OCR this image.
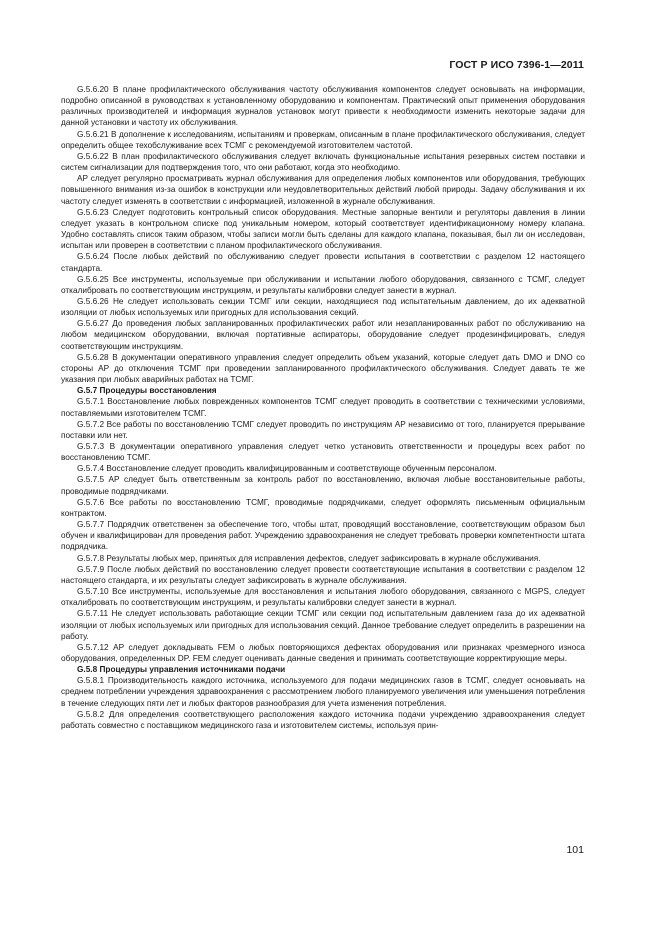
ГОСТ Р ИСО 7396-1—2011

G.5.6.20 В плане профилактического обслуживания частоту обслуживания компонентов следует основывать на информации, подробно описанной в руководствах к установленному оборудованию и компонентам. Практический опыт применения оборудования различных производителей и информация журналов установок могут привести к необходимости изменить некоторые задачи для данной установки и частоту их обслуживания.

G.5.6.21 В дополнение к исследованиям, испытаниям и проверкам, описанным в плане профилактического обслуживания, следует определить общее техобслуживание всех ТСМГ с рекомендуемой изготовителем частотой.

G.5.6.22 В план профилактического обслуживания следует включать функциональные испытания резервных систем поставки и систем сигнализации для подтверждения того, что они работают, когда это необходимо.

АР следует регулярно просматривать журнал обслуживания для определения любых компонентов или оборудования, требующих повышенного внимания из-за ошибок в конструкции или неудовлетворительных действий любой природы. Задачу обслуживания и их частоту следует изменять в соответствии с информацией, изложенной в журнале обслуживания.

G.5.6.23 Следует подготовить контрольный список оборудования. Местные запорные вентили и регуляторы давления в линии следует указать в контрольном списке под уникальным номером, который соответствует идентификационному номеру клапана. Удобно составлять список таким образом, чтобы записи могли быть сделаны для каждого клапана, показывая, был ли он исследован, испытан или проверен в соответствии с планом профилактического обслуживания.

G.5.6.24 После любых действий по обслуживанию следует провести испытания в соответствии с разделом 12 настоящего стандарта.

G.5.6.25 Все инструменты, используемые при обслуживании и испытании любого оборудования, связанного с ТСМГ, следует откалибровать по соответствующим инструкциям, и результаты калибровки следует занести в журнал.

G.5.6.26 Не следует использовать секции ТСМГ или секции, находящиеся под испытательным давлением, до их адекватной изоляции от любых используемых или пригодных для использования секций.

G.5.6.27 До проведения любых запланированных профилактических работ или незапланированных работ по обслуживанию на любом медицинском оборудовании, включая портативные аспираторы, оборудование следует продезинфицировать, следуя соответствующим инструкциям.

G.5.6.28 В документации оперативного управления следует определить объем указаний, которые следует дать DMO и DNO со стороны АР до отключения ТСМГ при проведении запланированного профилактического обслуживания. Следует давать те же указания при любых аварийных работах на ТСМГ.

G.5.7 Процедуры восстановления

G.5.7.1 Восстановление любых поврежденных компонентов ТСМГ следует проводить в соответствии с техническими условиями, поставляемыми изготовителем ТСМГ.

G.5.7.2 Все работы по восстановлению ТСМГ следует проводить по инструкциям АР независимо от того, планируется прерывание поставки или нет.

G.5.7.3 В документации оперативного управления следует четко установить ответственности и процедуры всех работ по восстановлению ТСМГ.

G.5.7.4 Восстановление следует проводить квалифицированным и соответствующе обученным персоналом.

G.5.7.5 АР следует быть ответственным за контроль работ по восстановлению, включая любые восстановительные работы, проводимые подрядчиками.

G.5.7.6 Все работы по восстановлению ТСМГ, проводимые подрядчиками, следует оформлять письменным официальным контрактом.

G.5.7.7 Подрядчик ответственен за обеспечение того, чтобы штат, проводящий восстановление, соответствующим образом был обучен и квалифицирован для проведения работ. Учреждению здравоохранения не следует требовать проверки компетентности штата подрядчика.

G.5.7.8 Результаты любых мер, принятых для исправления дефектов, следует зафиксировать в журнале обслуживания.

G.5.7.9 После любых действий по восстановлению следует провести соответствующие испытания в соответствии с разделом 12 настоящего стандарта, и их результаты следует зафиксировать в журнале обслуживания.

G.5.7.10 Все инструменты, используемые для восстановления и испытания любого оборудования, связанного с MGPS, следует откалибровать по соответствующим инструкциям, и результаты калибровки следует занести в журнал.

G.5.7.11 Не следует использовать работающие секции ТСМГ или секции под испытательным давлением газа до их адекватной изоляции от любых используемых или пригодных для использования секций. Данное требование следует определить в разрешении на работу.

G.5.7.12 АР следует докладывать FEM о любых повторяющихся дефектах оборудования или признаках чрезмерного износа оборудования, определенных DP. FEM следует оценивать данные сведения и принимать соответствующие корректирующие меры.

G.5.8 Процедуры управления источниками подачи

G.5.8.1 Производительность каждого источника, используемого для подачи медицинских газов в ТСМГ, следует основывать на среднем потреблении учреждения здравоохранения с рассмотрением любого планируемого увеличения или уменьшения потребления в течение следующих пяти лет и любых факторов разнообразия для учета изменения потребления.

G.5.8.2 Для определения соответствующего расположения каждого источника подачи учреждению здравоохранения следует работать совместно с поставщиком медицинского газа и изготовителем системы, используя прин-

101
